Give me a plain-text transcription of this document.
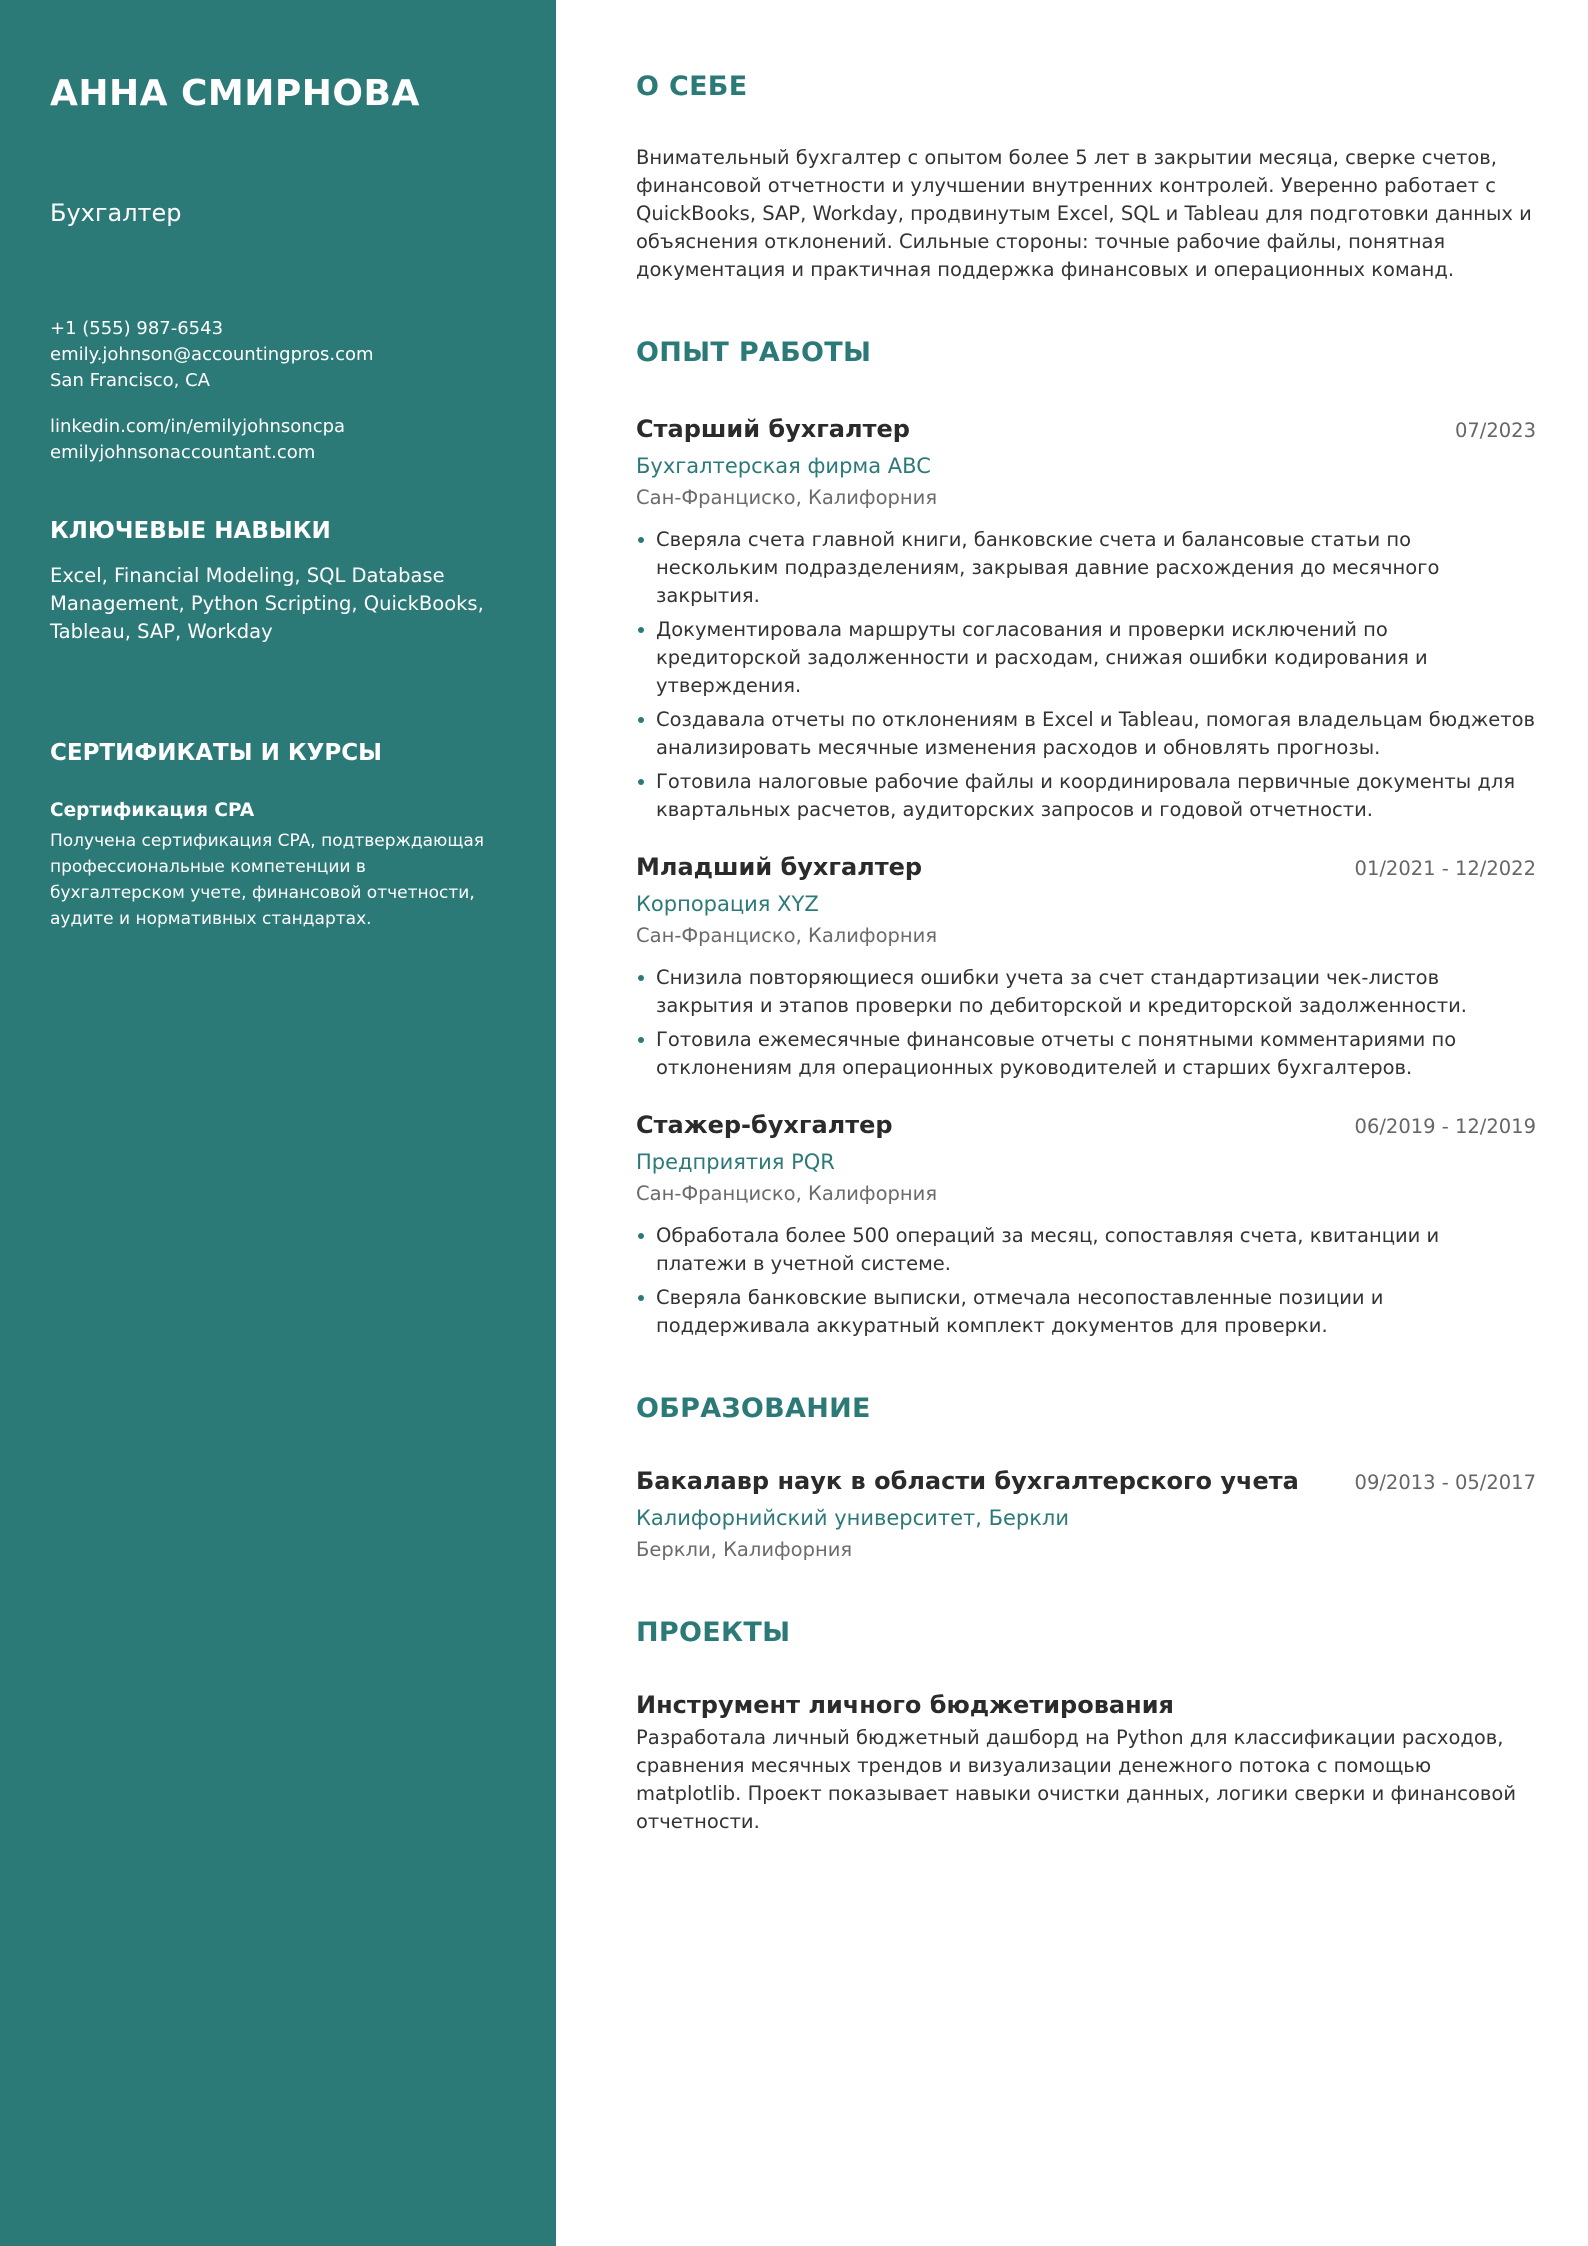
АННА СМИРНОВА
Бухгалтер
+1 (555) 987-6543
emily.johnson@accountingpros.com
San Francisco, CA
linkedin.com/in/emilyjohnsoncpa
emilyjohnsonaccountant.com
КЛЮЧЕВЫЕ НАВЫКИ
Excel, Financial Modeling, SQL Database Management, Python Scripting, QuickBooks, Tableau, SAP, Workday
СЕРТИФИКАТЫ И КУРСЫ
Сертификация CPA
Получена сертификация CPA, подтверждающая профессиональные компетенции в бухгалтерском учете, финансовой отчетности, аудите и нормативных стандартах.
О СЕБЕ
Внимательный бухгалтер с опытом более 5 лет в закрытии месяца, сверке счетов, финансовой отчетности и улучшении внутренних контролей. Уверенно работает с QuickBooks, SAP, Workday, продвинутым Excel, SQL и Tableau для подготовки данных и объяснения отклонений. Сильные стороны: точные рабочие файлы, понятная документация и практичная поддержка финансовых и операционных команд.
ОПЫТ РАБОТЫ
Старший бухгалтер	07/2023
Бухгалтерская фирма ABC
Сан-Франциско, Калифорния
Сверяла счета главной книги, банковские счета и балансовые статьи по нескольким подразделениям, закрывая давние расхождения до месячного закрытия.
Документировала маршруты согласования и проверки исключений по кредиторской задолженности и расходам, снижая ошибки кодирования и утверждения.
Создавала отчеты по отклонениям в Excel и Tableau, помогая владельцам бюджетов анализировать месячные изменения расходов и обновлять прогнозы.
Готовила налоговые рабочие файлы и координировала первичные документы для квартальных расчетов, аудиторских запросов и годовой отчетности.
Младший бухгалтер	01/2021 - 12/2022
Корпорация XYZ
Сан-Франциско, Калифорния
Снизила повторяющиеся ошибки учета за счет стандартизации чек-листов закрытия и этапов проверки по дебиторской и кредиторской задолженности.
Готовила ежемесячные финансовые отчеты с понятными комментариями по отклонениям для операционных руководителей и старших бухгалтеров.
Стажер-бухгалтер	06/2019 - 12/2019
Предприятия PQR
Сан-Франциско, Калифорния
Обработала более 500 операций за месяц, сопоставляя счета, квитанции и платежи в учетной системе.
Сверяла банковские выписки, отмечала несопоставленные позиции и поддерживала аккуратный комплект документов для проверки.
ОБРАЗОВАНИЕ
Бакалавр наук в области бухгалтерского учета	09/2013 - 05/2017
Калифорнийский университет, Беркли
Беркли, Калифорния
ПРОЕКТЫ
Инструмент личного бюджетирования
Разработала личный бюджетный дашборд на Python для классификации расходов, сравнения месячных трендов и визуализации денежного потока с помощью matplotlib. Проект показывает навыки очистки данных, логики сверки и финансовой отчетности.
